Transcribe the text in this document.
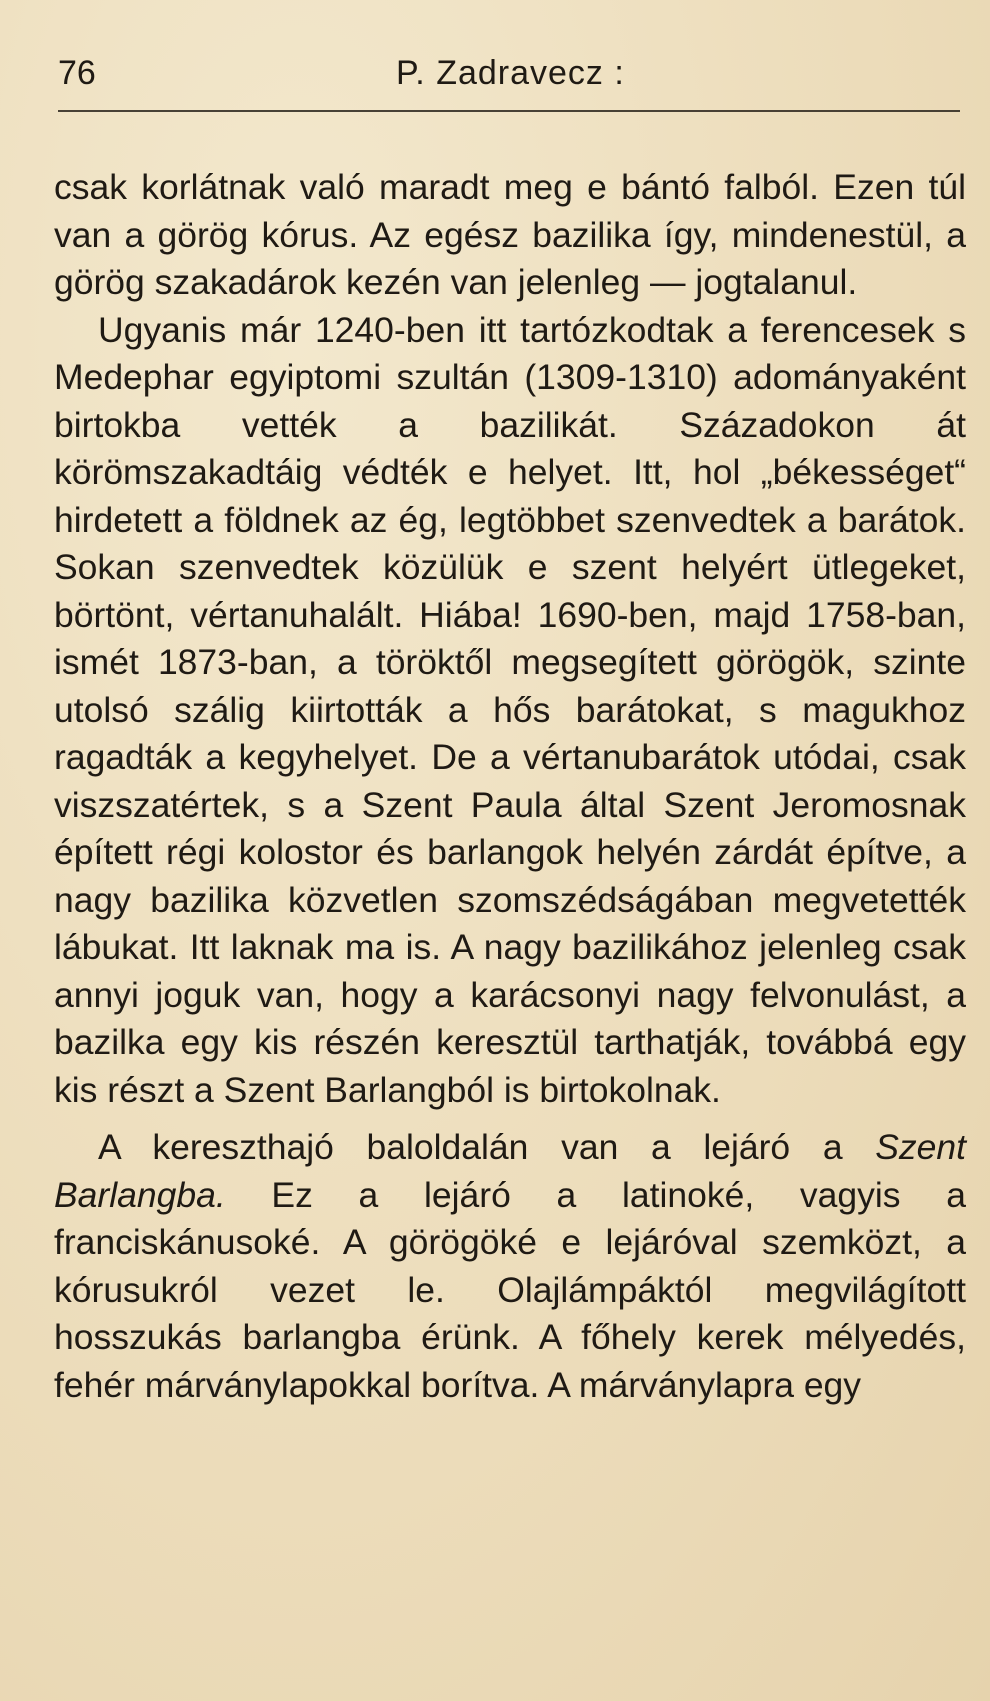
76	P. Zadravecz :

csak korlátnak való maradt meg e bántó falból. Ezen túl van a görög kórus. Az egész bazilika így, mindenestül, a görög szakadárok kezén van jelenleg — jogtalanul.

Ugyanis már 1240-ben itt tartózkodtak a ferencesek s Medephar egyiptomi szultán (1309-1310) adományaként birtokba vették a bazilikát. Századokon át körömszakadtáig védték e helyet. Itt, hol „békességet“ hirdetett a földnek az ég, legtöbbet szenvedtek a barátok. Sokan szenvedtek közülük e szent helyért ütlegeket, börtönt, vértanuhalált. Hiába! 1690-ben, majd 1758-ban, ismét 1873-ban, a töröktől megsegített görögök, szinte utolsó szálig kiirtották a hős barátokat, s magukhoz ragadták a kegyhelyet. De a vértanubarátok utódai, csak viszszatértek, s a Szent Paula által Szent Jeromosnak épített régi kolostor és barlangok helyén zárdát építve, a nagy bazilika közvetlen szomszédságában megvetették lábukat. Itt laknak ma is. A nagy bazilikához jelenleg csak annyi joguk van, hogy a karácsonyi nagy felvonulást, a bazilka egy kis részén keresztül tarthatják, továbbá egy kis részt a Szent Barlangból is birtokolnak.

A kereszthajó baloldalán van a lejáró a Szent Barlangba. Ez a lejáró a latinoké, vagyis a franciskánusoké. A görögöké e lejáróval szemközt, a kórusukról vezet le. Olajlámpáktól megvilágított hosszukás barlangba érünk. A főhely kerek mélyedés, fehér márványlapokkal borítva. A márványlapra egy
